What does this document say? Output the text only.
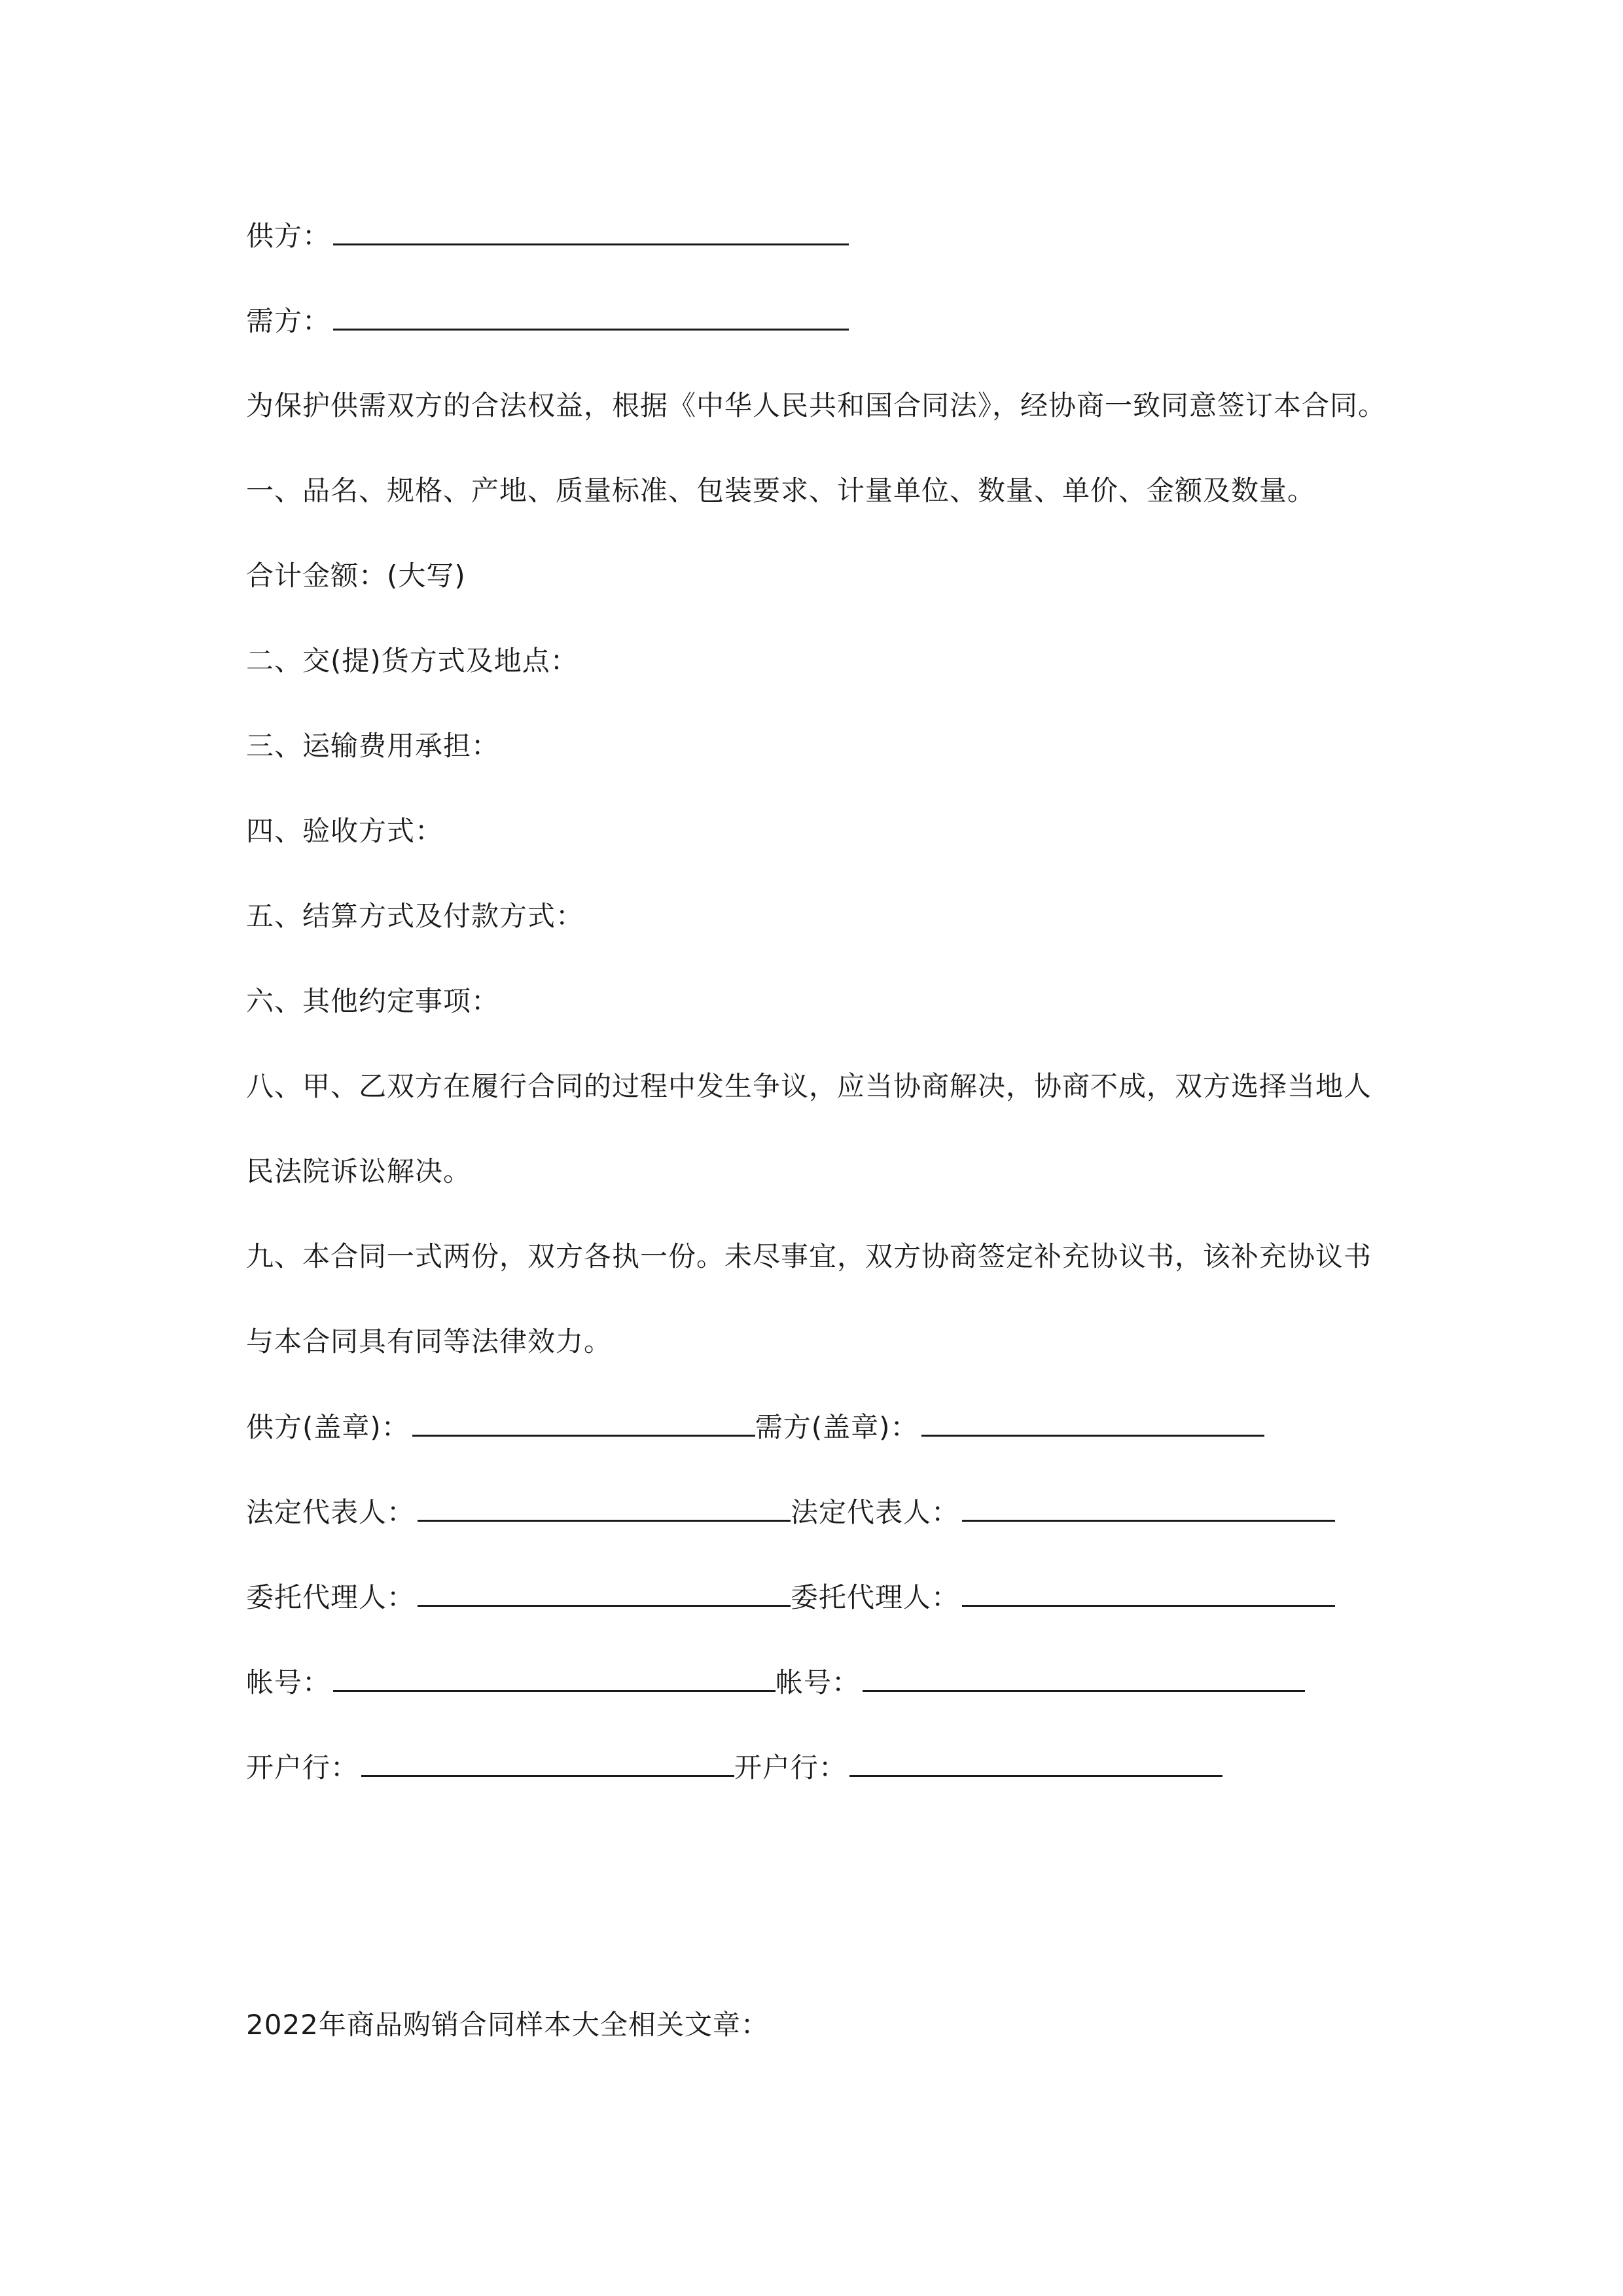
供方：
需方：
为保护供需双方的合法权益，根据《中华人民共和国合同法》，经协商一致同意签订本合同。
一、品名、规格、产地、质量标准、包装要求、计量单位、数量、单价、金额及数量。
合计金额：(大写)
二、交(提)货方式及地点：
三、运输费用承担：
四、验收方式：
五、结算方式及付款方式：
六、其他约定事项：
八、甲、乙双方在履行合同的过程中发生争议，应当协商解决，协商不成，双方选择当地人
民法院诉讼解决。
九、本合同一式两份，双方各执一份。未尽事宜，双方协商签定补充协议书，该补充协议书
与本合同具有同等法律效力。
供方(盖章)：	需方(盖章)：
法定代表人：	法定代表人：
委托代理人：	委托代理人：
帐号：	帐号：
开户行：	开户行：
2022年商品购销合同样本大全相关文章：
